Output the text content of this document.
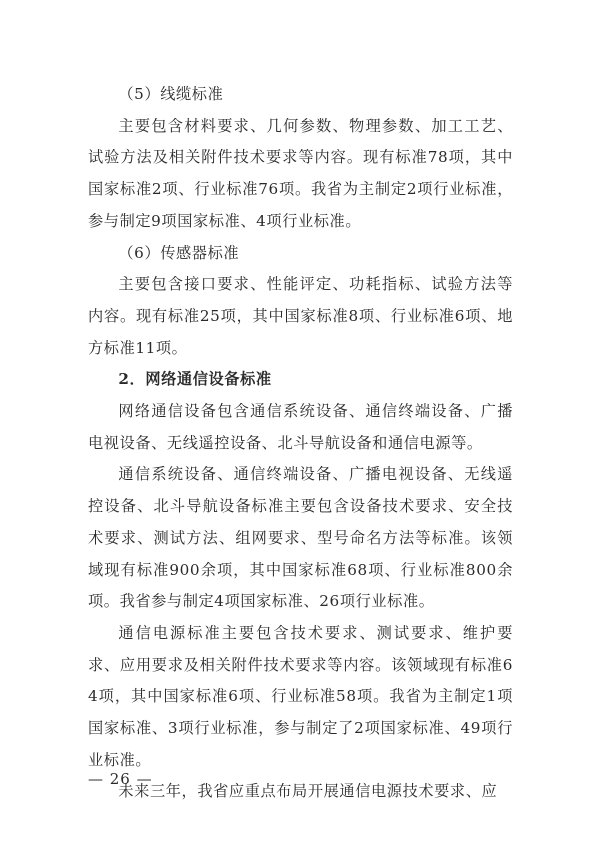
（5）线缆标准

主要包含材料要求、几何参数、物理参数、加工工艺、试验方法及相关附件技术要求等内容。现有标准78项，其中国家标准2项、行业标准76项。我省为主制定2项行业标准，参与制定9项国家标准、4项行业标准。

（6）传感器标准

主要包含接口要求、性能评定、功耗指标、试验方法等内容。现有标准25项，其中国家标准8项、行业标准6项、地方标准11项。

2．网络通信设备标准

网络通信设备包含通信系统设备、通信终端设备、广播电视设备、无线遥控设备、北斗导航设备和通信电源等。

通信系统设备、通信终端设备、广播电视设备、无线遥控设备、北斗导航设备标准主要包含设备技术要求、安全技术要求、测试方法、组网要求、型号命名方法等标准。该领域现有标准900余项，其中国家标准68项、行业标准800余项。我省参与制定4项国家标准、26项行业标准。

通信电源标准主要包含技术要求、测试要求、维护要求、应用要求及相关附件技术要求等内容。该领域现有标准64项，其中国家标准6项、行业标准58项。我省为主制定1项国家标准、3项行业标准，参与制定了2项国家标准、49项行业标准。

未来三年，我省应重点布局开展通信电源技术要求、应

— 26 —
